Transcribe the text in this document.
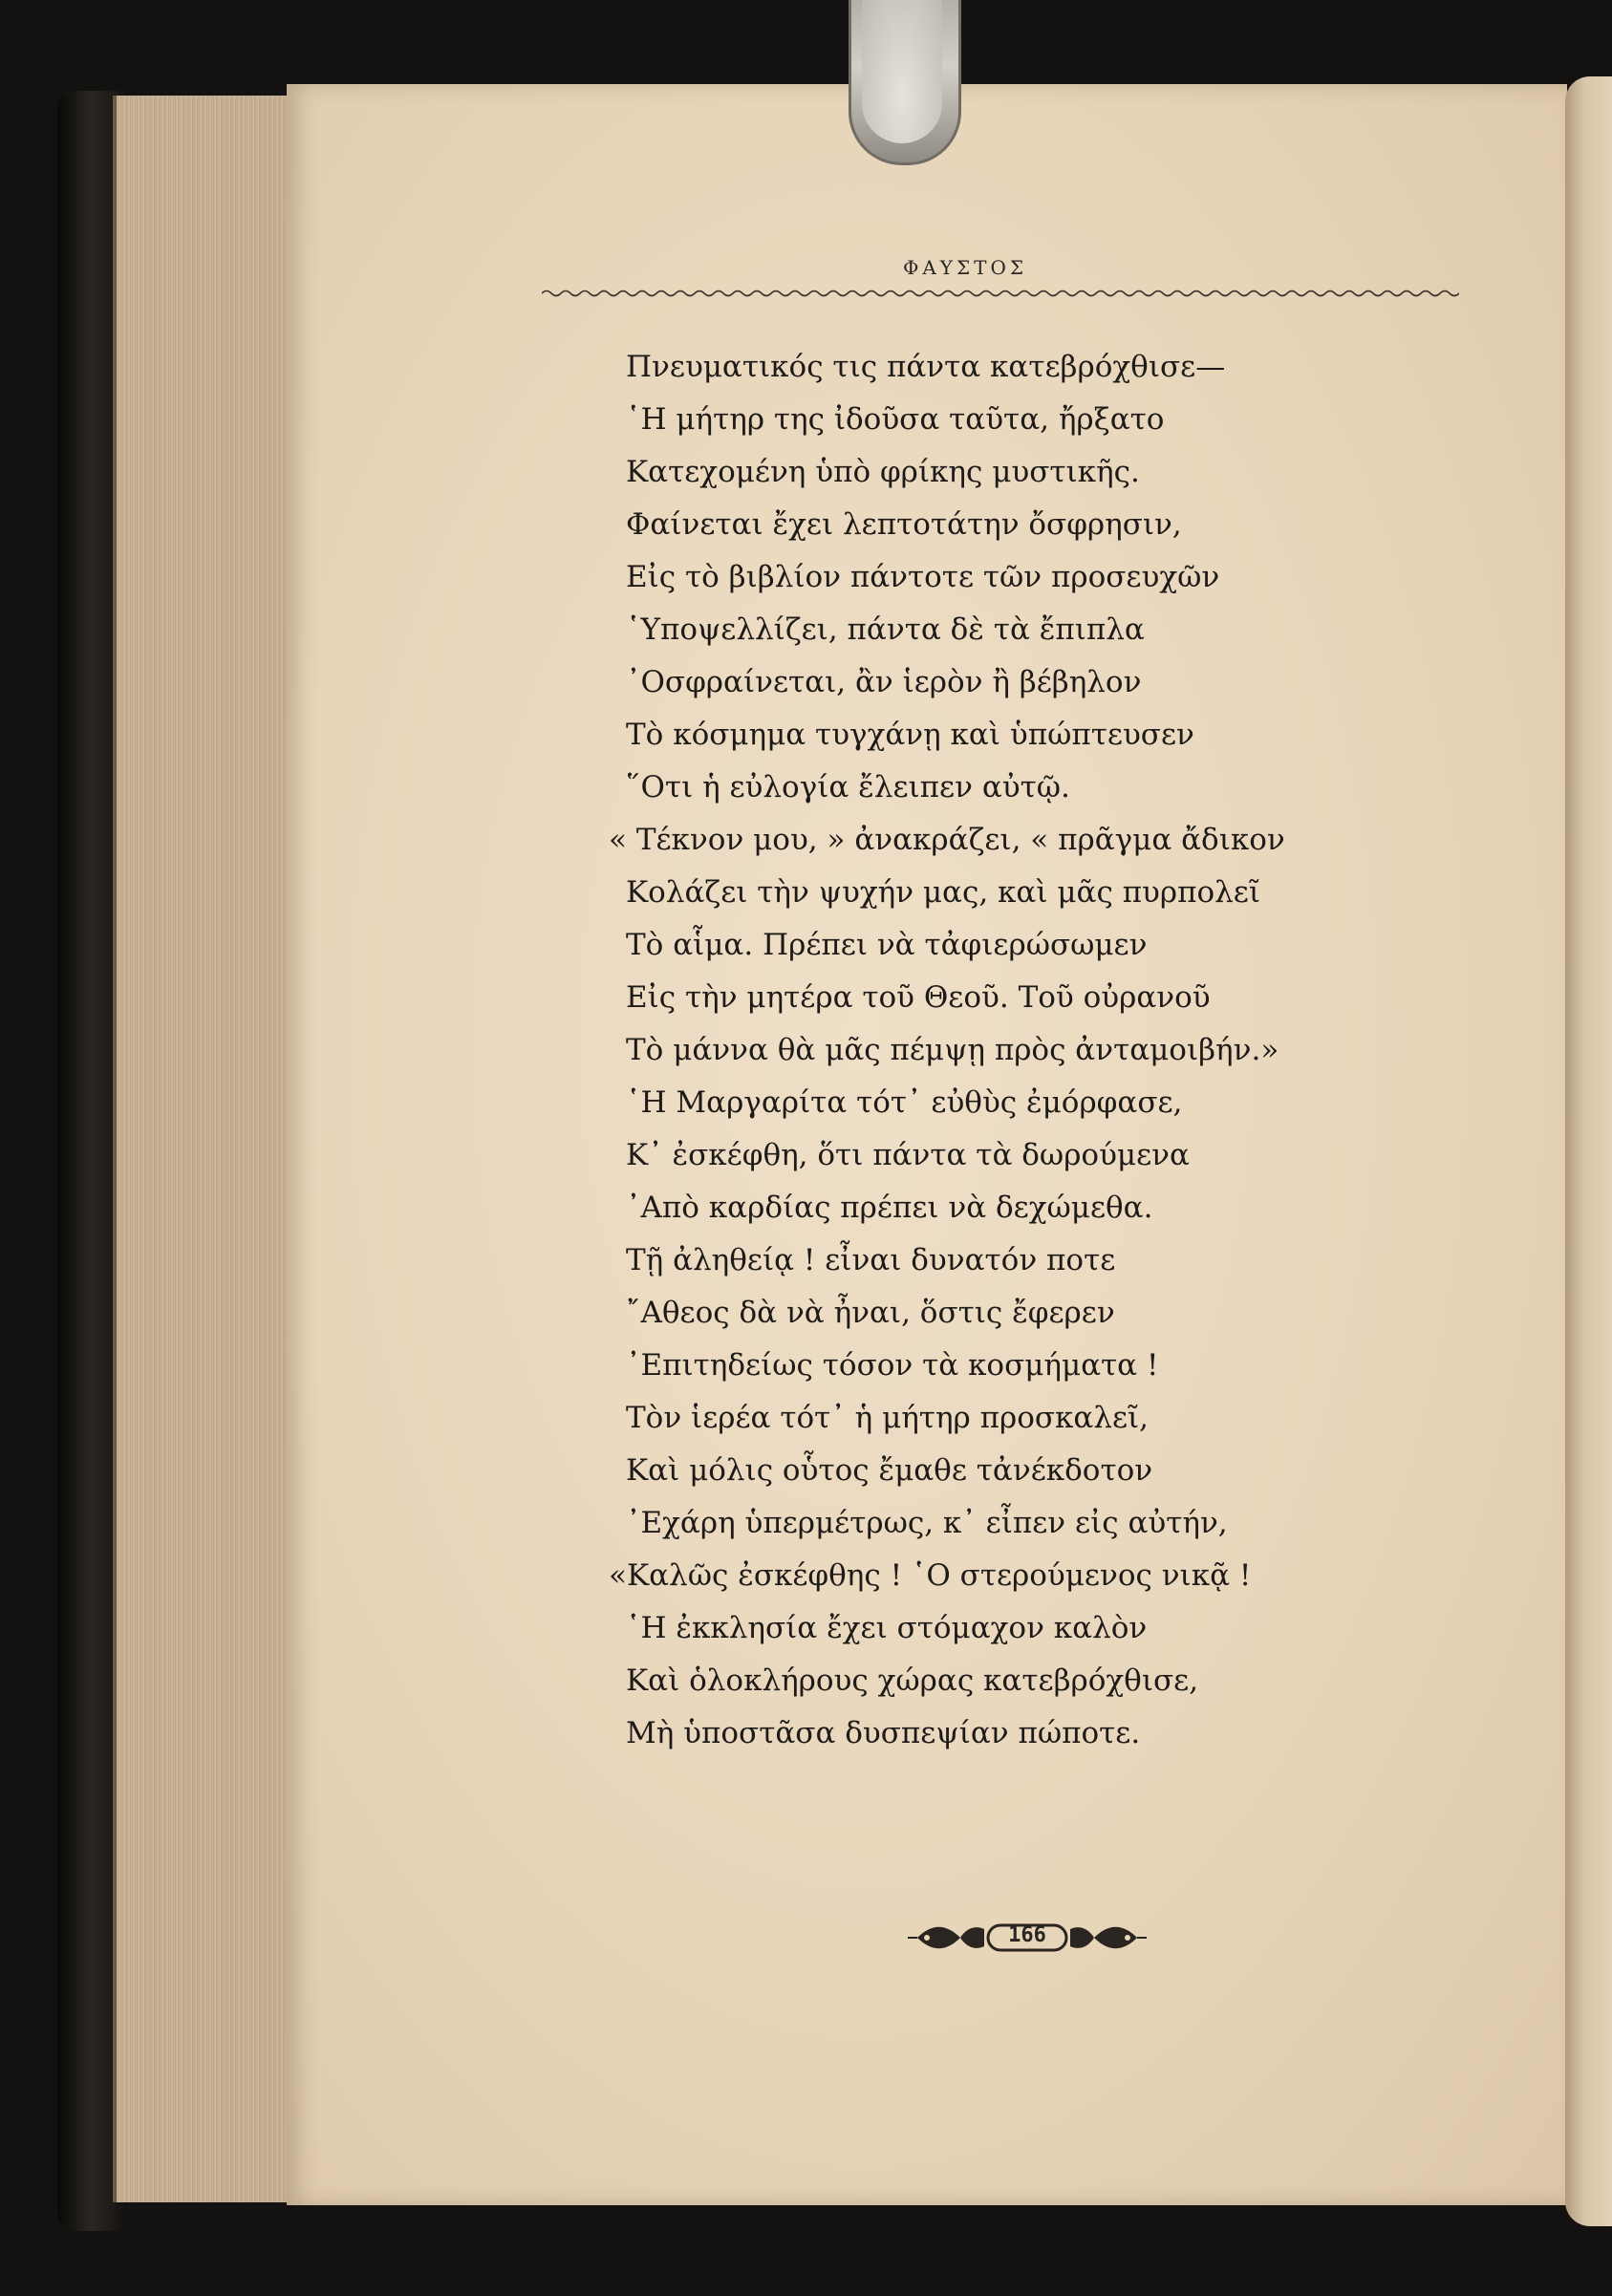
ΦΑΥΣΤΟΣ
Πνευματικός τις πάντα κατεβρόχθισε—
῾Η μήτηρ της ἰδοῦσα ταῦτα, ἤρξατο
Κατεχομένη ὑπὸ φρίκης μυστικῆς.
Φαίνεται ἔχει λεπτοτάτην ὄσφρησιν,
Εἰς τὸ βιβλίον πάντοτε τῶν προσευχῶν
῾Υποψελλίζει, πάντα δὲ τὰ ἔπιπλα
᾿Οσφραίνεται, ἂν ἱερὸν ἢ βέβηλον
Τὸ κόσμημα τυγχάνῃ καὶ ὑπώπτευσεν
῞Οτι ἡ εὐλογία ἔλειπεν αὐτῷ.
« Τέκνον μου, » ἀνακράζει, « πρᾶγμα ἄδικον
Κολάζει τὴν ψυχήν μας, καὶ μᾶς πυρπολεῖ
Τὸ αἷμα. Πρέπει νὰ τἀφιερώσωμεν
Εἰς τὴν μητέρα τοῦ Θεοῦ. Τοῦ οὐρανοῦ
Τὸ μάννα θὰ μᾶς πέμψῃ πρὸς ἀνταμοιβήν.»
῾Η Μαργαρίτα τότ᾿ εὐθὺς ἐμόρφασε,
Κ᾿ ἐσκέφθη, ὅτι πάντα τὰ δωρούμενα
᾿Απὸ καρδίας πρέπει νὰ δεχώμεθα.
Τῇ ἀληθείᾳ ! εἶναι δυνατόν ποτε
῎Αθεος δὰ νὰ ἦναι, ὅστις ἔφερεν
᾿Επιτηδείως τόσον τὰ κοσμήματα !
Τὸν ἱερέα τότ᾿ ἡ μήτηρ προσκαλεῖ,
Καὶ μόλις οὗτος ἔμαθε τἀνέκδοτον
᾿Εχάρη ὑπερμέτρως, κ᾿ εἶπεν εἰς αὐτήν,
«Καλῶς ἐσκέφθης ! ῾Ο στερούμενος νικᾷ !
῾Η ἐκκλησία ἔχει στόμαχον καλὸν
Καὶ ὁλοκλήρους χώρας κατεβρόχθισε,
Μὴ ὑποστᾶσα δυσπεψίαν πώποτε.
166
